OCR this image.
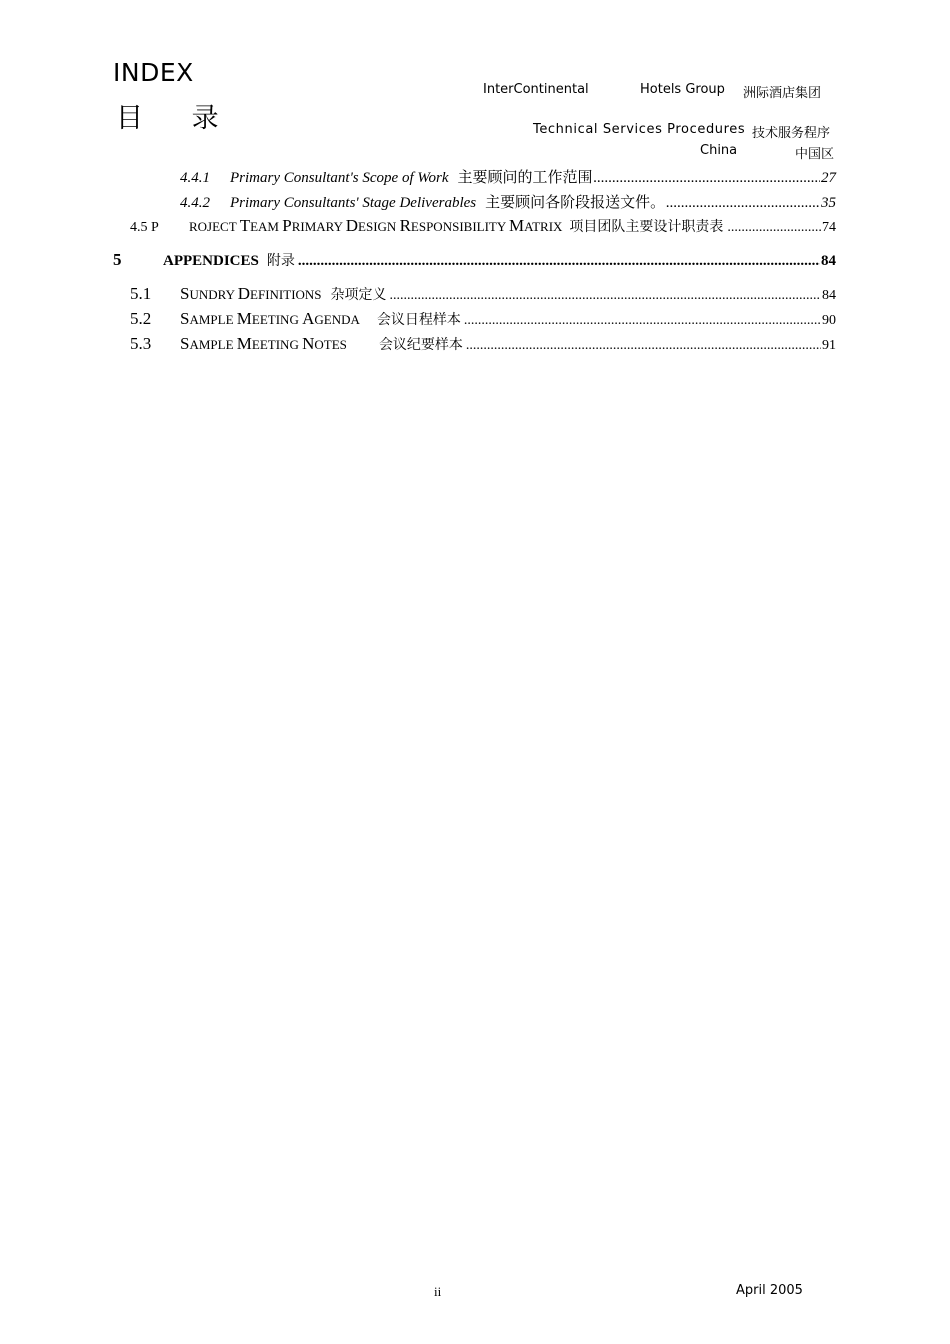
INDEX
目 录
InterContinental	Hotels Group 洲际酒店集团
Technical Services Procedures 技术服务程序
China	中国区
4.4.1	Primary Consultant's Scope of Work 主要顾问的工作范围 .....	27
4.4.2	Primary Consultants' Stage Deliverables 主要顾问各阶段报送文件。 .....	35
4.5 P	ROJECT TEAM PRIMARY DESIGN RESPONSIBILITY MATRIX 项目团队主要设计职责表 .....	74
5	APPENDICES 附录 .....	84
5.1	SUNDRY DEFINITIONS 杂项定义 .....	84
5.2	SAMPLE MEETING AGENDA 会议日程样本 .....	90
5.3	SAMPLE MEETING NOTES 会议纪要样本 .....	91
ii	April 2005
